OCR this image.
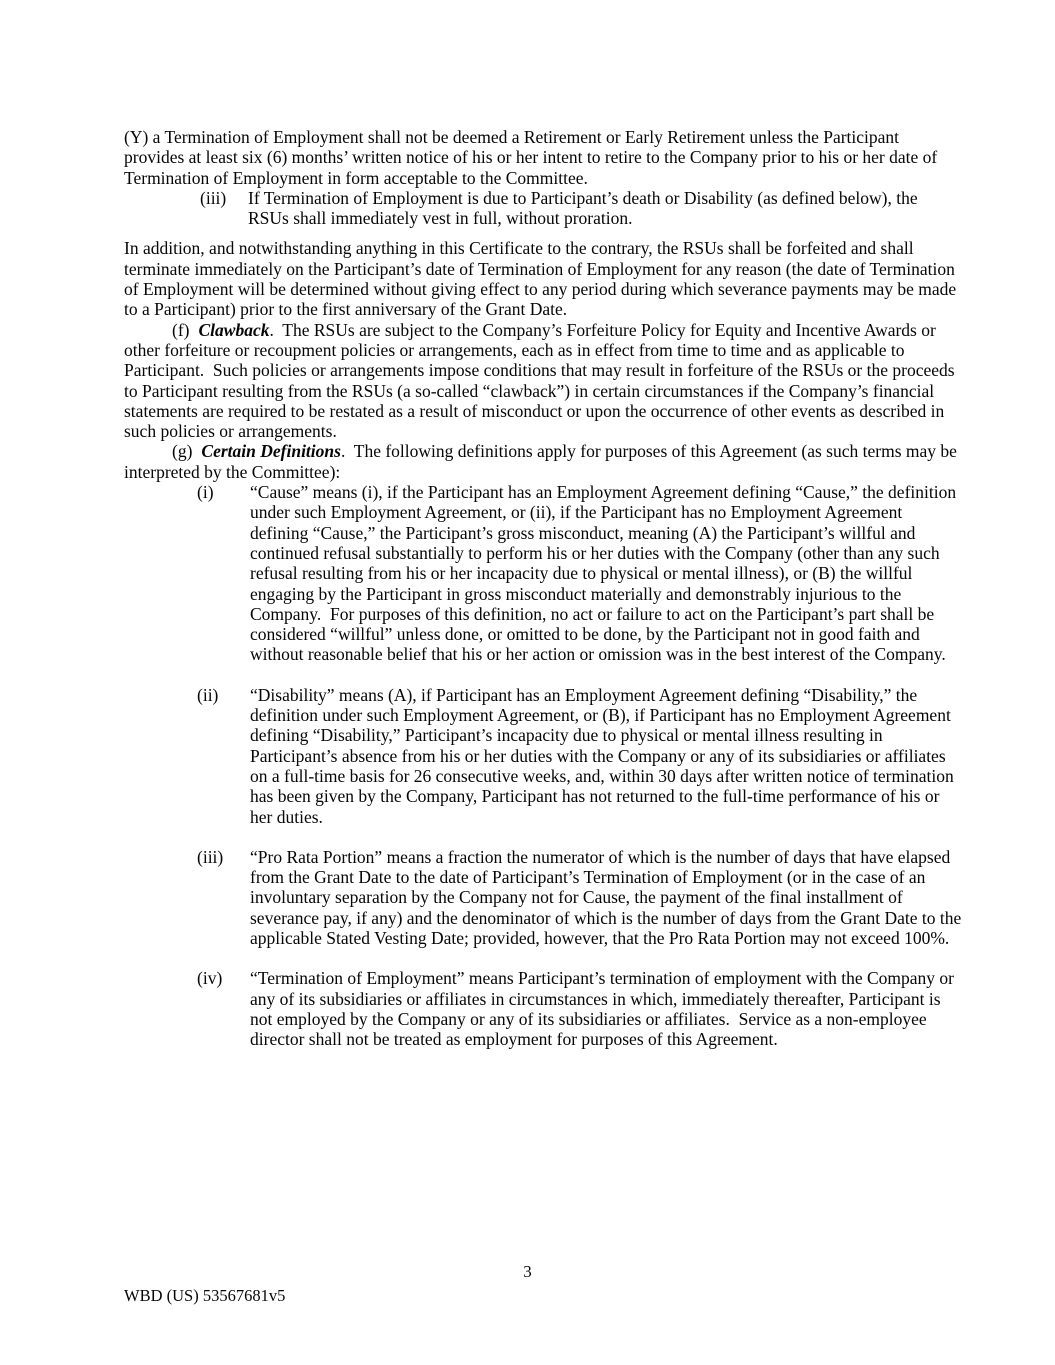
(Y) a Termination of Employment shall not be deemed a Retirement or Early Retirement unless the Participant provides at least six (6) months’ written notice of his or her intent to retire to the Company prior to his or her date of Termination of Employment in form acceptable to the Committee.

(iii)	If Termination of Employment is due to Participant’s death or Disability (as defined below), the RSUs shall immediately vest in full, without proration.

In addition, and notwithstanding anything in this Certificate to the contrary, the RSUs shall be forfeited and shall terminate immediately on the Participant’s date of Termination of Employment for any reason (the date of Termination of Employment will be determined without giving effect to any period during which severance payments may be made to a Participant) prior to the first anniversary of the Grant Date.

(f) Clawback.  The RSUs are subject to the Company’s Forfeiture Policy for Equity and Incentive Awards or other forfeiture or recoupment policies or arrangements, each as in effect from time to time and as applicable to Participant.  Such policies or arrangements impose conditions that may result in forfeiture of the RSUs or the proceeds to Participant resulting from the RSUs (a so-called “clawback”) in certain circumstances if the Company’s financial statements are required to be restated as a result of misconduct or upon the occurrence of other events as described in such policies or arrangements.

(g) Certain Definitions.  The following definitions apply for purposes of this Agreement (as such terms may be interpreted by the Committee):

(i)	“Cause” means (i), if the Participant has an Employment Agreement defining “Cause,” the definition under such Employment Agreement, or (ii), if the Participant has no Employment Agreement defining “Cause,” the Participant’s gross misconduct, meaning (A) the Participant’s willful and continued refusal substantially to perform his or her duties with the Company (other than any such refusal resulting from his or her incapacity due to physical or mental illness), or (B) the willful engaging by the Participant in gross misconduct materially and demonstrably injurious to the Company.  For purposes of this definition, no act or failure to act on the Participant’s part shall be considered “willful” unless done, or omitted to be done, by the Participant not in good faith and without reasonable belief that his or her action or omission was in the best interest of the Company.
(ii)	“Disability” means (A), if Participant has an Employment Agreement defining “Disability,” the definition under such Employment Agreement, or (B), if Participant has no Employment Agreement defining “Disability,” Participant’s incapacity due to physical or mental illness resulting in Participant’s absence from his or her duties with the Company or any of its subsidiaries or affiliates on a full-time basis for 26 consecutive weeks, and, within 30 days after written notice of termination has been given by the Company, Participant has not returned to the full-time performance of his or her duties.
(iii)	“Pro Rata Portion” means a fraction the numerator of which is the number of days that have elapsed from the Grant Date to the date of Participant’s Termination of Employment (or in the case of an involuntary separation by the Company not for Cause, the payment of the final installment of severance pay, if any) and the denominator of which is the number of days from the Grant Date to the applicable Stated Vesting Date; provided, however, that the Pro Rata Portion may not exceed 100%.
(iv)	“Termination of Employment” means Participant’s termination of employment with the Company or any of its subsidiaries or affiliates in circumstances in which, immediately thereafter, Participant is not employed by the Company or any of its subsidiaries or affiliates.  Service as a non-employee director shall not be treated as employment for purposes of this Agreement.
3
WBD (US) 53567681v5
